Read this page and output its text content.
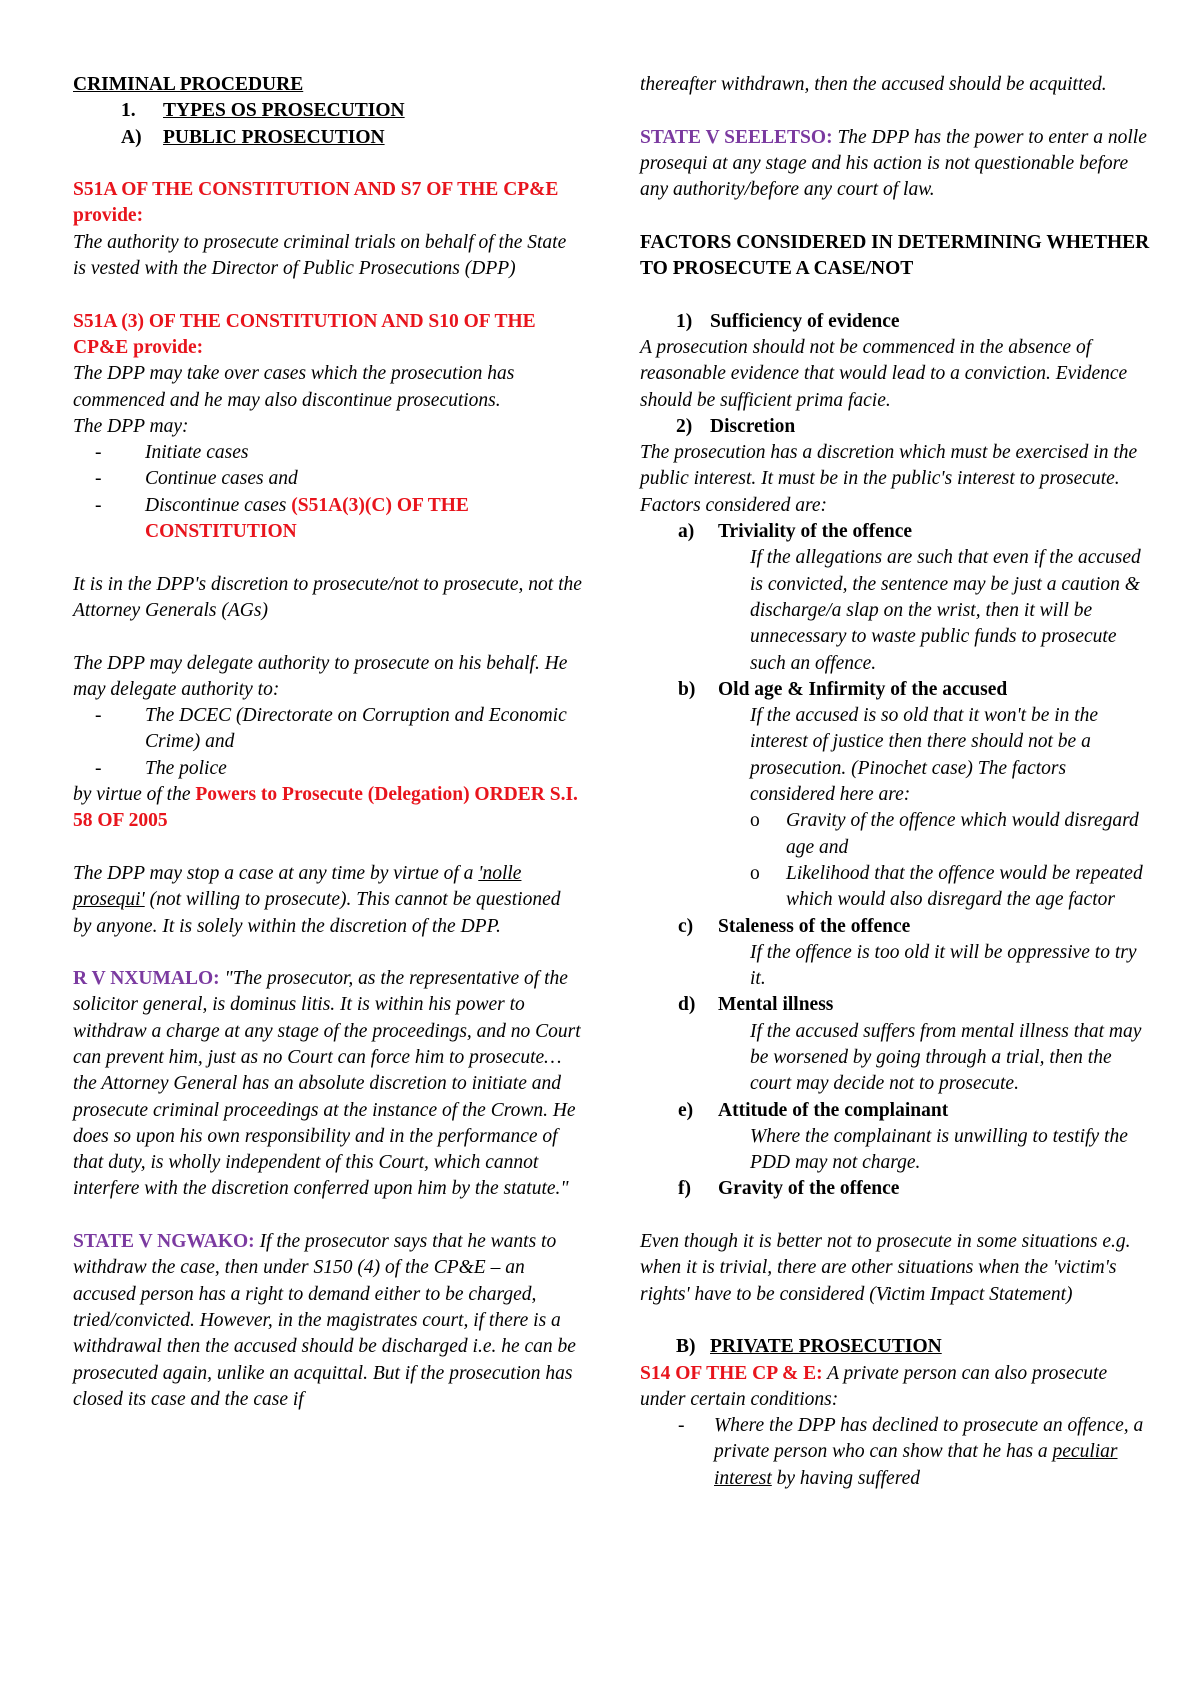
CRIMINAL PROCEDURE

1.	TYPES OS PROSECUTION
A) PUBLIC PROSECUTION

S51A OF THE CONSTITUTION AND S7 OF THE CP&E provide:

The authority to prosecute criminal trials on behalf of the State is vested with the Director of Public Prosecutions (DPP)

S51A (3) OF THE CONSTITUTION AND S10 OF THE CP&E provide:

The DPP may take over cases which the prosecution has commenced and he may also discontinue prosecutions.

The DPP may:

-	Initiate cases
-	Continue cases and
-	Discontinue cases (S51A(3)(C) OF THE CONSTITUTION

It is in the DPP's discretion to prosecute/not to prosecute, not the Attorney Generals (AGs)

The DPP may delegate authority to prosecute on his behalf. He may delegate authority to:

-	The DCEC (Directorate on Corruption and Economic Crime) and
-	The police

by virtue of the Powers to Prosecute (Delegation) ORDER S.I. 58 OF 2005

The DPP may stop a case at any time by virtue of a 'nolle prosequi' (not willing to prosecute). This cannot be questioned by anyone. It is solely within the discretion of the DPP.

R V NXUMALO: "The prosecutor, as the representative of the solicitor general, is dominus litis. It is within his power to withdraw a charge at any stage of the proceedings, and no Court can prevent him, just as no Court can force him to prosecute…the Attorney General has an absolute discretion to initiate and prosecute criminal proceedings at the instance of the Crown. He does so upon his own responsibility and in the performance of that duty, is wholly independent of this Court, which cannot interfere with the discretion conferred upon him by the statute."

STATE V NGWAKO: If the prosecutor says that he wants to withdraw the case, then under S150 (4) of the CP&E – an accused person has a right to demand either to be charged, tried/convicted. However, in the magistrates court, if there is a withdrawal then the accused should be discharged i.e. he can be prosecuted again, unlike an acquittal. But if the prosecution has closed its case and the case if

thereafter withdrawn, then the accused should be acquitted.

STATE V SEELETSO: The DPP has the power to enter a nolle prosequi at any stage and his action is not questionable before any authority/before any court of law.

FACTORS CONSIDERED IN DETERMINING WHETHER TO PROSECUTE A CASE/NOT

1) Sufficiency of evidence

A prosecution should not be commenced in the absence of reasonable evidence that would lead to a conviction. Evidence should be sufficient prima facie.

2) Discretion

The prosecution has a discretion which must be exercised in the public interest. It must be in the public's interest to prosecute. Factors considered are:

a)	Triviality of the offence

If the allegations are such that even if the accused is convicted, the sentence may be just a caution & discharge/a slap on the wrist, then it will be unnecessary to waste public funds to prosecute such an offence.

b)	Old age & Infirmity of the accused

If the accused is so old that it won't be in the interest of justice then there should not be a prosecution. (Pinochet case) The factors considered here are:

o	Gravity of the offence which would disregard age and
o	Likelihood that the offence would be repeated which would also disregard the age factor
c)	Staleness of the offence

If the offence is too old it will be oppressive to try it.

d)	Mental illness

If the accused suffers from mental illness that may be worsened by going through a trial, then the court may decide not to prosecute.

e)	Attitude of the complainant

Where the complainant is unwilling to testify the PDD may not charge.

f)	Gravity of the offence

Even though it is better not to prosecute in some situations e.g. when it is trivial, there are other situations when the 'victim's rights' have to be considered (Victim Impact Statement)

B) PRIVATE PROSECUTION

S14 OF THE CP & E: A private person can also prosecute under certain conditions:

-	Where the DPP has declined to prosecute an offence, a private person who can show that he has a peculiar interest by having suffered
